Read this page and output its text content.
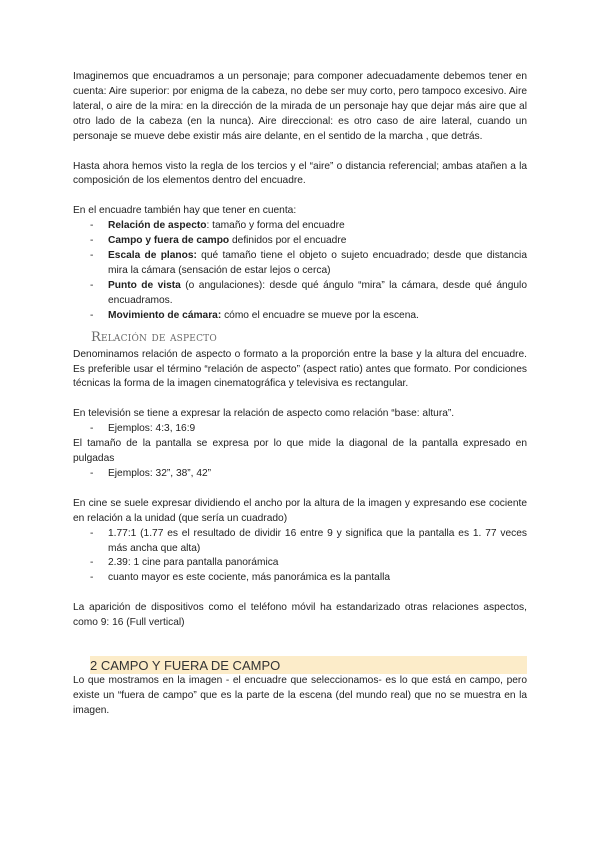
Imaginemos que encuadramos a un personaje; para componer adecuadamente debemos tener en cuenta: Aire superior: por enigma de la cabeza, no debe ser muy corto, pero tampoco excesivo. Aire lateral, o aire de la mira: en la dirección de la mirada de un personaje hay que dejar más aire que al otro lado de la cabeza (en la nunca). Aire direccional: es otro caso de aire lateral, cuando un personaje se mueve debe existir más aire delante, en el sentido de la marcha , que detrás.

Hasta ahora hemos visto la regla de los tercios y el “aire” o distancia referencial; ambas atañen a la composición de los elementos dentro del encuadre.

En el encuadre también hay que tener en cuenta:

- Relación de aspecto: tamaño y forma del encuadre
- Campo y fuera de campo definidos por el encuadre
- Escala de planos: qué tamaño tiene el objeto o sujeto encuadrado; desde que distancia mira la cámara (sensación de estar lejos o cerca)
- Punto de vista (o angulaciones): desde qué ángulo “mira” la cámara, desde qué ángulo encuadramos.
- Movimiento de cámara: cómo el encuadre se mueve por la escena.
Relación de aspecto

Denominamos relación de aspecto o formato a la proporción entre la base y la altura del encuadre. Es preferible usar el término “relación de aspecto” (aspect ratio) antes que formato. Por condiciones técnicas la forma de la imagen cinematográfica y televisiva es rectangular.

En televisión se tiene a expresar la relación de aspecto como relación “base: altura”.

- Ejemplos: 4:3, 16:9

El tamaño de la pantalla se expresa por lo que mide la diagonal de la pantalla expresado en pulgadas

- Ejemplos: 32”, 38”, 42”

En cine se suele expresar dividiendo el ancho por la altura de la imagen y expresando ese cociente en relación a la unidad (que sería un cuadrado)

- 1.77:1 (1.77 es el resultado de dividir 16 entre 9 y significa que la pantalla es 1. 77 veces más ancha que alta)
- 2.39: 1 cine para pantalla panorámica
- cuanto mayor es este cociente, más panorámica es la pantalla

La aparición de dispositivos como el teléfono móvil ha estandarizado otras relaciones aspectos, como 9: 16 (Full vertical)

2 CAMPO Y FUERA DE CAMPO

Lo que mostramos en la imagen - el encuadre que seleccionamos- es lo que está en campo, pero existe un “fuera de campo” que es la parte de la escena (del mundo real) que no se muestra en la imagen.
